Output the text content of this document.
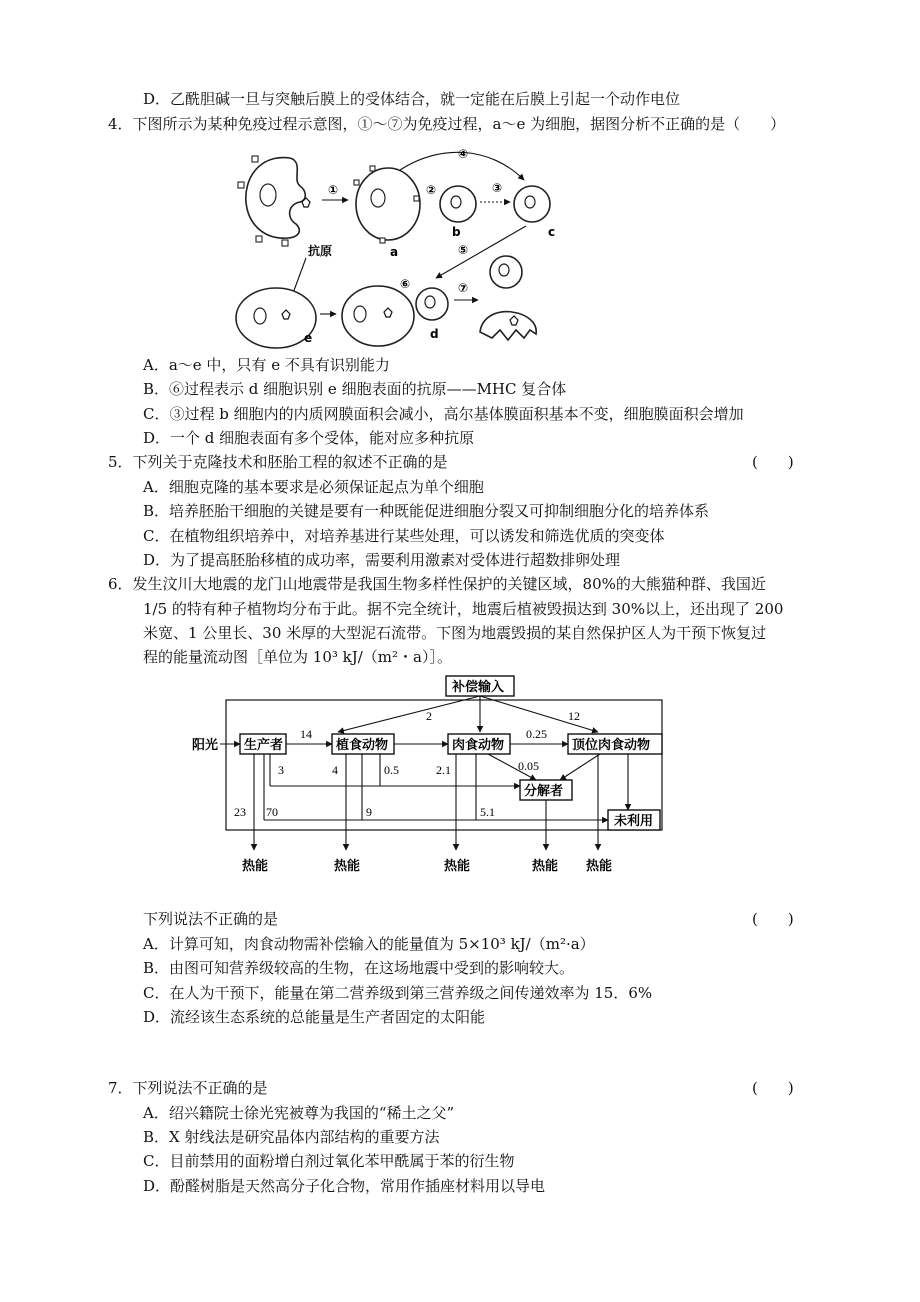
D．乙酰胆碱一旦与突触后膜上的受体结合，就一定能在后膜上引起一个动作电位
4．下图所示为某种免疫过程示意图，①～⑦为免疫过程，a～e 为细胞，据图分析不正确的是（　　）
抗原
①
a
②
b
③
c
④
⑤
e
⑥
d
⑦
A．a～e 中，只有 e 不具有识别能力
B．⑥过程表示 d 细胞识别 e 细胞表面的抗原——MHC 复合体
C．③过程 b 细胞内的内质网膜面积会减小，高尔基体膜面积基本不变，细胞膜面积会增加
D．一个 d 细胞表面有多个受体，能对应多种抗原
5．下列关于克隆技术和胚胎工程的叙述不正确的是	(　　)
A．细胞克隆的基本要求是必须保证起点为单个细胞
B．培养胚胎干细胞的关键是要有一种既能促进细胞分裂又可抑制细胞分化的培养体系
C．在植物组织培养中，对培养基进行某些处理，可以诱发和筛选优质的突变体
D．为了提高胚胎移植的成功率，需要利用激素对受体进行超数排卵处理
6．发生汶川大地震的龙门山地震带是我国生物多样性保护的关键区域，80%的大熊猫种群、我国近
1/5 的特有种子植物均分布于此。据不完全统计，地震后植被毁损达到 30%以上，还出现了 200
米宽、1 公里长、30 米厚的大型泥石流带。下图为地震毁损的某自然保护区人为干预下恢复过
程的能量流动图［单位为 10³ kJ/（m²・a）］。
补偿输入
2	12
阳光 生产者
14
植食动物	肉食动物
0.25
顶位肉食动物
分解者
0.05
3	0.5
未利用
70	9	5.1
23
热能
4
热能
2.1
热能	热能 热能
下列说法不正确的是	(　　)
A．计算可知，肉食动物需补偿输入的能量值为 5×10³ kJ/（m²·a）
B．由图可知营养级较高的生物，在这场地震中受到的影响较大。
C．在人为干预下，能量在第二营养级到第三营养级之间传递效率为 15．6%
D．流经该生态系统的总能量是生产者固定的太阳能
7．下列说法不正确的是	(　　)
A．绍兴籍院士徐光宪被尊为我国的“稀土之父”
B．X 射线法是研究晶体内部结构的重要方法
C．目前禁用的面粉增白剂过氧化苯甲酰属于苯的衍生物
D．酚醛树脂是天然高分子化合物，常用作插座材料用以导电
